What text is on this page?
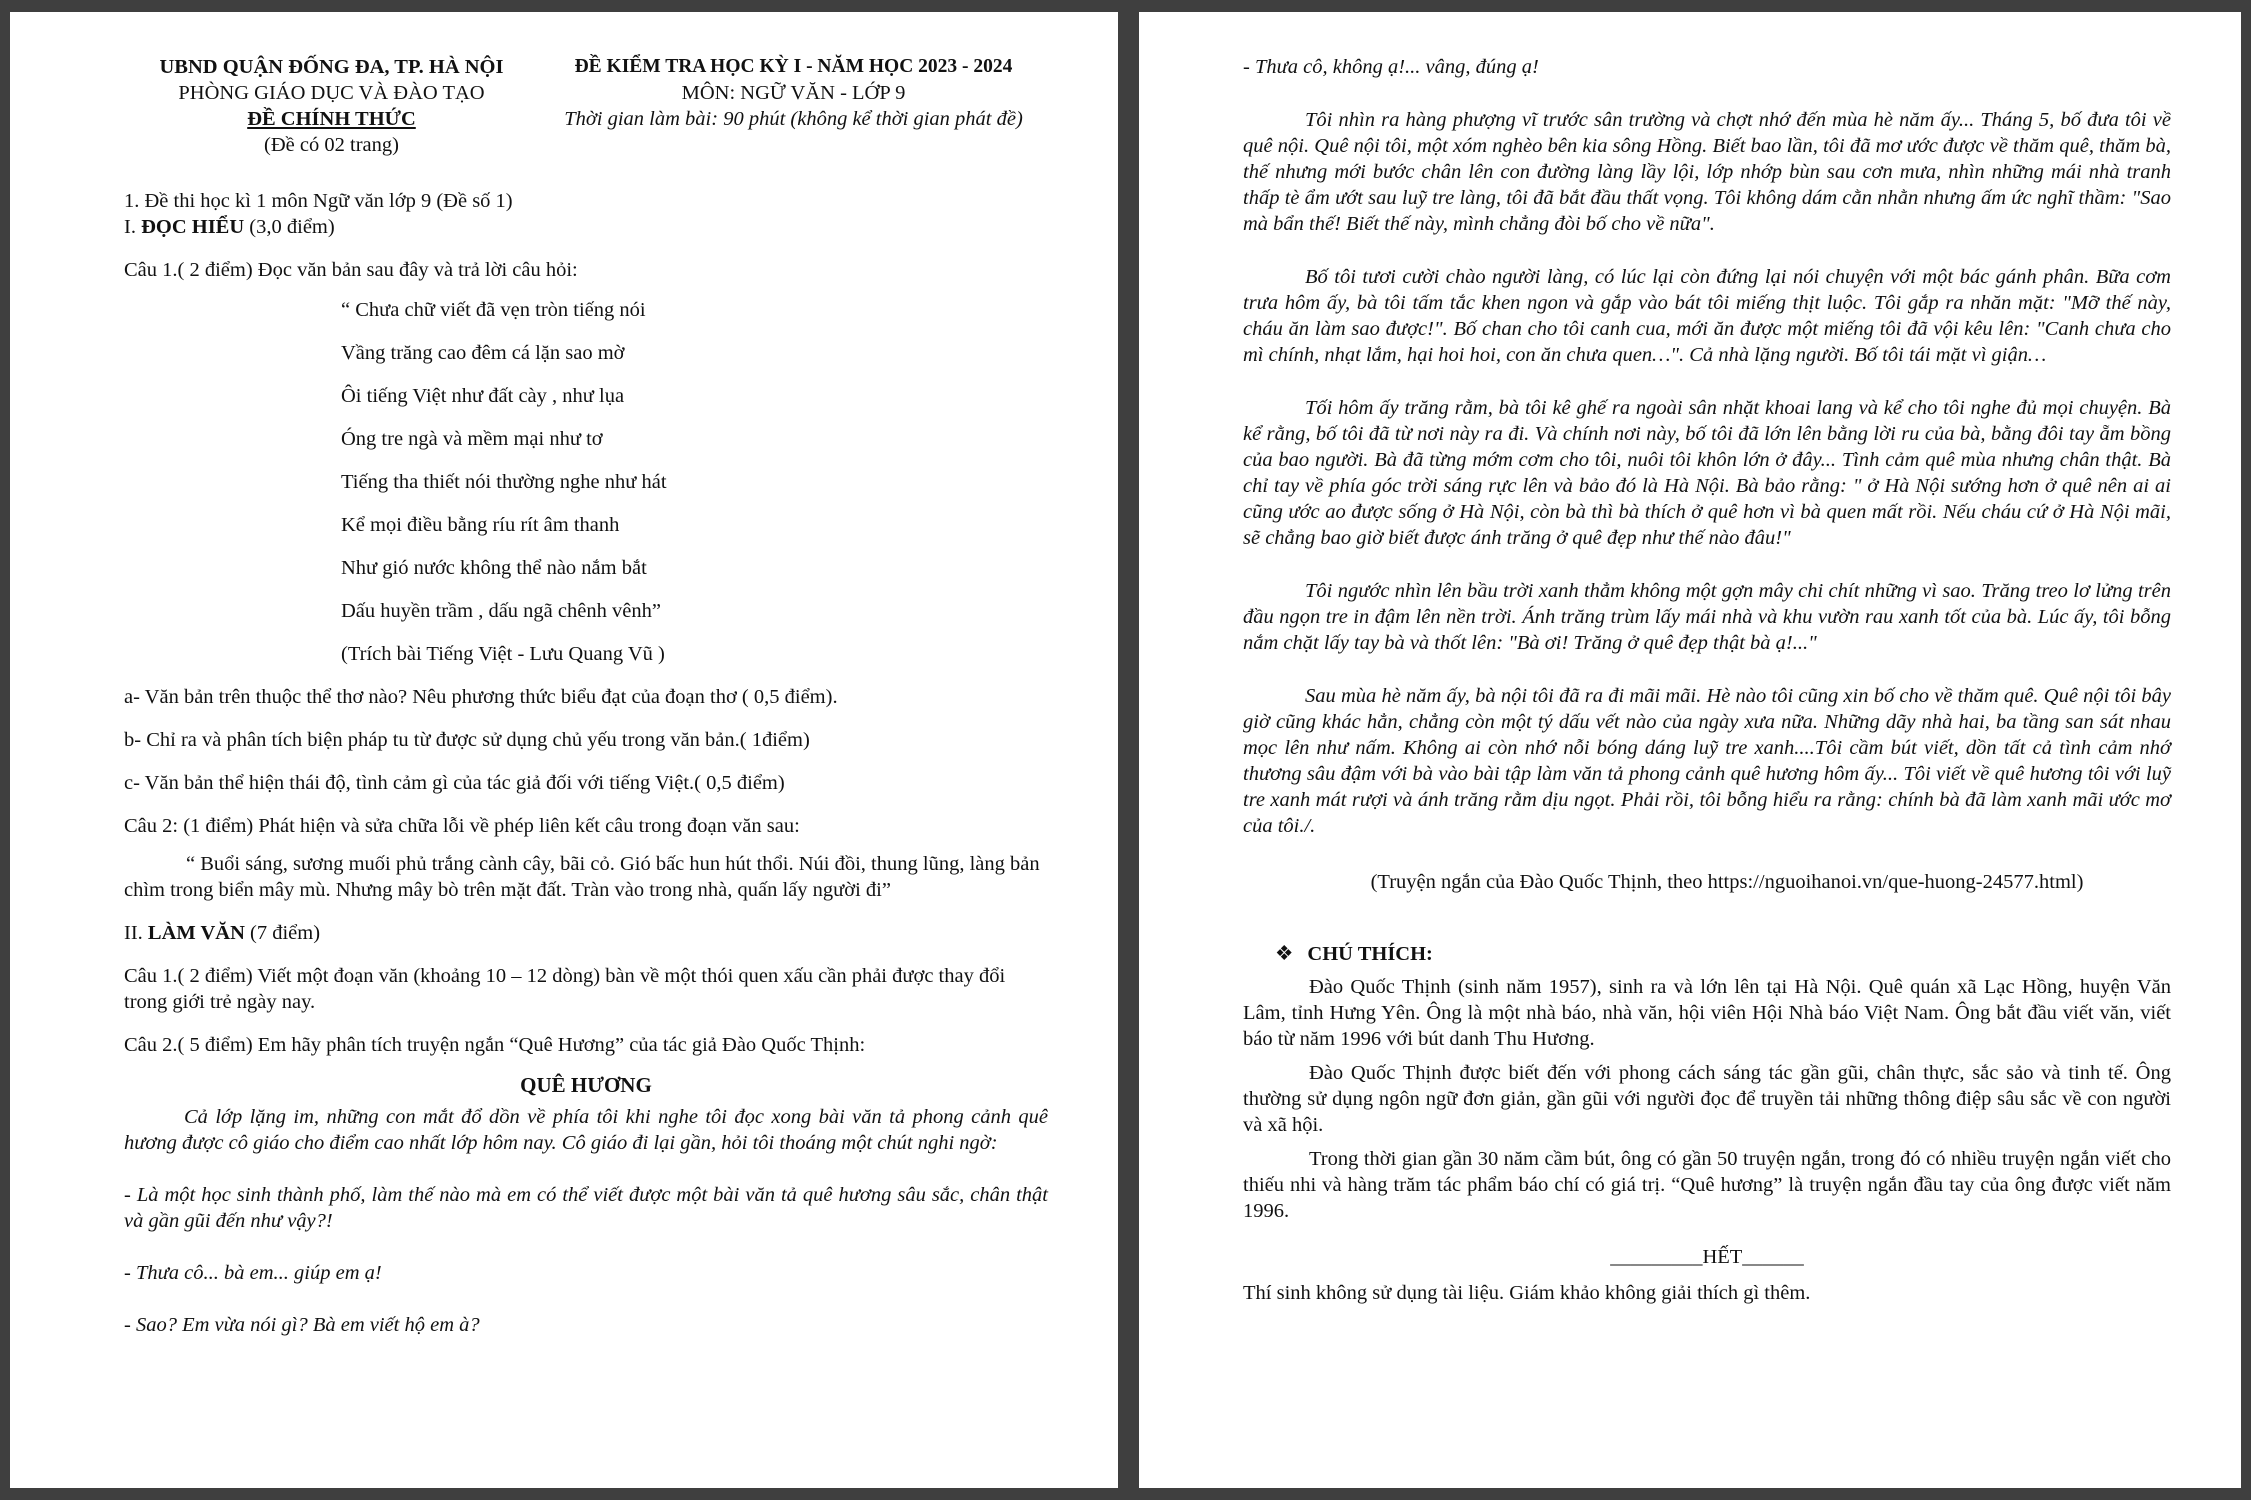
UBND QUẬN ĐỐNG ĐA, TP. HÀ NỘI

PHÒNG GIÁO DỤC VÀ ĐÀO TẠO

ĐỀ CHÍNH THỨC

(Đề có 02 trang)

ĐỀ KIỂM TRA HỌC KỲ I - NĂM HỌC 2023 - 2024

MÔN: NGỮ VĂN - LỚP 9

Thời gian làm bài: 90 phút (không kể thời gian phát đề)

1. Đề thi học kì 1 môn Ngữ văn lớp 9 (Đề số 1)

I. ĐỌC HIỂU (3,0 điểm)

Câu 1.( 2 điểm) Đọc văn bản sau đây và trả lời câu hỏi:

“ Chưa chữ viết đã vẹn tròn tiếng nói

Vầng trăng cao đêm cá lặn sao mờ

Ôi tiếng Việt như đất cày , như lụa

Óng tre ngà và mềm mại như tơ

Tiếng tha thiết nói thường nghe như hát

Kể mọi điều bằng ríu rít âm thanh

Như gió nước không thể nào nắm bắt

Dấu huyền trầm , dấu ngã chênh vênh”

(Trích bài Tiếng Việt - Lưu Quang Vũ )

a- Văn bản trên thuộc thể thơ nào? Nêu phương thức biểu đạt của đoạn thơ ( 0,5 điểm).

b- Chỉ ra và phân tích biện pháp tu từ được sử dụng chủ yếu trong văn bản.( 1điểm)

c- Văn bản thể hiện thái độ, tình cảm gì của tác giả đối với tiếng Việt.( 0,5 điểm)

Câu 2: (1 điểm) Phát hiện và sửa chữa lỗi về phép liên kết câu trong đoạn văn sau:

“ Buổi sáng, sương muối phủ trắng cành cây, bãi cỏ. Gió bấc hun hút thổi. Núi đồi, thung lũng, làng bản chìm trong biển mây mù. Nhưng mây bò trên mặt đất. Tràn vào trong nhà, quấn lấy người đi”

II. LÀM VĂN (7 điểm)

Câu 1.( 2 điểm) Viết một đoạn văn (khoảng 10 – 12 dòng) bàn về một thói quen xấu cần phải được thay đổi trong giới trẻ ngày nay.

Câu 2.( 5 điểm) Em hãy phân tích truyện ngắn “Quê Hương” của tác giả Đào Quốc Thịnh:

QUÊ HƯƠNG

Cả lớp lặng im, những con mắt đổ dồn về phía tôi khi nghe tôi đọc xong bài văn tả phong cảnh quê hương được cô giáo cho điểm cao nhất lớp hôm nay. Cô giáo đi lại gần, hỏi tôi thoáng một chút nghi ngờ:

- Là một học sinh thành phố, làm thế nào mà em có thể viết được một bài văn tả quê hương sâu sắc, chân thật và gần gũi đến như vậy?!

- Thưa cô... bà em... giúp em ạ!

- Sao? Em vừa nói gì? Bà em viết hộ em à?

- Thưa cô, không ạ!... vâng, đúng ạ!

Tôi nhìn ra hàng phượng vĩ trước sân trường và chợt nhớ đến mùa hè năm ấy... Tháng 5, bố đưa tôi về quê nội. Quê nội tôi, một xóm nghèo bên kia sông Hồng. Biết bao lần, tôi đã mơ ước được về thăm quê, thăm bà, thế nhưng mới bước chân lên con đường làng lầy lội, lớp nhớp bùn sau cơn mưa, nhìn những mái nhà tranh thấp tè ẩm ướt sau luỹ tre làng, tôi đã bắt đầu thất vọng. Tôi không dám cằn nhằn nhưng ấm ức nghĩ thầm: "Sao mà bẩn thế! Biết thế này, mình chẳng đòi bố cho về nữa".

Bố tôi tươi cười chào người làng, có lúc lại còn đứng lại nói chuyện với một bác gánh phân. Bữa cơm trưa hôm ấy, bà tôi tấm tắc khen ngon và gắp vào bát tôi miếng thịt luộc. Tôi gắp ra nhăn mặt: "Mỡ thế này, cháu ăn làm sao được!". Bố chan cho tôi canh cua, mới ăn được một miếng tôi đã vội kêu lên: "Canh chưa cho mì chính, nhạt lắm, hại hoi hoi, con ăn chưa quen…". Cả nhà lặng người. Bố tôi tái mặt vì giận…

Tối hôm ấy trăng rằm, bà tôi kê ghế ra ngoài sân nhặt khoai lang và kể cho tôi nghe đủ mọi chuyện. Bà kể rằng, bố tôi đã từ nơi này ra đi. Và chính nơi này, bố tôi đã lớn lên bằng lời ru của bà, bằng đôi tay ẵm bồng của bao người. Bà đã từng mớm cơm cho tôi, nuôi tôi khôn lớn ở đây... Tình cảm quê mùa nhưng chân thật. Bà chỉ tay về phía góc trời sáng rực lên và bảo đó là Hà Nội. Bà bảo rằng: " ở Hà Nội sướng hơn ở quê nên ai ai cũng ước ao được sống ở Hà Nội, còn bà thì bà thích ở quê hơn vì bà quen mất rồi. Nếu cháu cứ ở Hà Nội mãi, sẽ chẳng bao giờ biết được ánh trăng ở quê đẹp như thế nào đâu!"

Tôi ngước nhìn lên bầu trời xanh thẳm không một gợn mây chi chít những vì sao. Trăng treo lơ lửng trên đầu ngọn tre in đậm lên nền trời. Ánh trăng trùm lấy mái nhà và khu vườn rau xanh tốt của bà. Lúc ấy, tôi bỗng nắm chặt lấy tay bà và thốt lên: "Bà ơi! Trăng ở quê đẹp thật bà ạ!..."

Sau mùa hè năm ấy, bà nội tôi đã ra đi mãi mãi. Hè nào tôi cũng xin bố cho về thăm quê. Quê nội tôi bây giờ cũng khác hẳn, chẳng còn một tý dấu vết nào của ngày xưa nữa. Những dãy nhà hai, ba tầng san sát nhau mọc lên như nấm. Không ai còn nhớ nỗi bóng dáng luỹ tre xanh....Tôi cầm bút viết, dồn tất cả tình cảm nhớ thương sâu đậm với bà vào bài tập làm văn tả phong cảnh quê hương hôm ấy... Tôi viết về quê hương tôi với luỹ tre xanh mát rượi và ánh trăng rằm dịu ngọt. Phải rồi, tôi bỗng hiểu ra rằng: chính bà đã làm xanh mãi ước mơ của tôi./.

(Truyện ngắn của Đào Quốc Thịnh, theo https://nguoihanoi.vn/que-huong-24577.html)

❖ CHÚ THÍCH:

Đào Quốc Thịnh (sinh năm 1957), sinh ra và lớn lên tại Hà Nội. Quê quán xã Lạc Hồng, huyện Văn Lâm, tỉnh Hưng Yên. Ông là một nhà báo, nhà văn, hội viên Hội Nhà báo Việt Nam. Ông bắt đầu viết văn, viết báo từ năm 1996 với bút danh Thu Hương.

Đào Quốc Thịnh được biết đến với phong cách sáng tác gần gũi, chân thực, sắc sảo và tinh tế. Ông thường sử dụng ngôn ngữ đơn giản, gần gũi với người đọc để truyền tải những thông điệp sâu sắc về con người và xã hội.

Trong thời gian gần 30 năm cầm bút, ông có gần 50 truyện ngắn, trong đó có nhiều truyện ngắn viết cho thiếu nhi và hàng trăm tác phẩm báo chí có giá trị. “Quê hương” là truyện ngắn đầu tay của ông được viết năm 1996.

_________HẾT______

Thí sinh không sử dụng tài liệu. Giám khảo không giải thích gì thêm.
